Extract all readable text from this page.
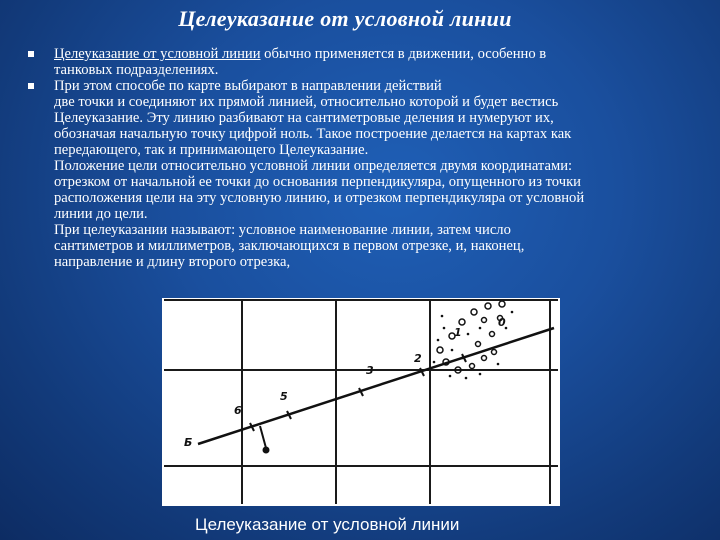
Целеуказание от условной линии
Целеуказание от условной линии обычно применяется в движении, особенно в
танковых подразделениях.
При этом способе по карте выбирают в направлении действий
две точки и соединяют их прямой линией, относительно которой и будет вестись
Целеуказание. Эту линию разбивают на сантиметровые деления и нумеруют их,
обозначая начальную точку цифрой ноль. Такое построение делается на картах как
передающего, так и принимающего Целеуказание.
Положение цели относительно условной линии определяется двумя координатами:
отрезком от начальной ее точки до основания перпендикуляра, опущенного из точки
расположения цели на эту условную линию, и отрезком перпендикуляра от условной
линии до цели.
При целеуказании называют: условное наименование линии, затем число
сантиметров и миллиметров, заключающихся в первом отрезке, и, наконец,
направление и длину второго отрезка,
0
1
2
3
5
6
Б
Целеуказание от условной линии
